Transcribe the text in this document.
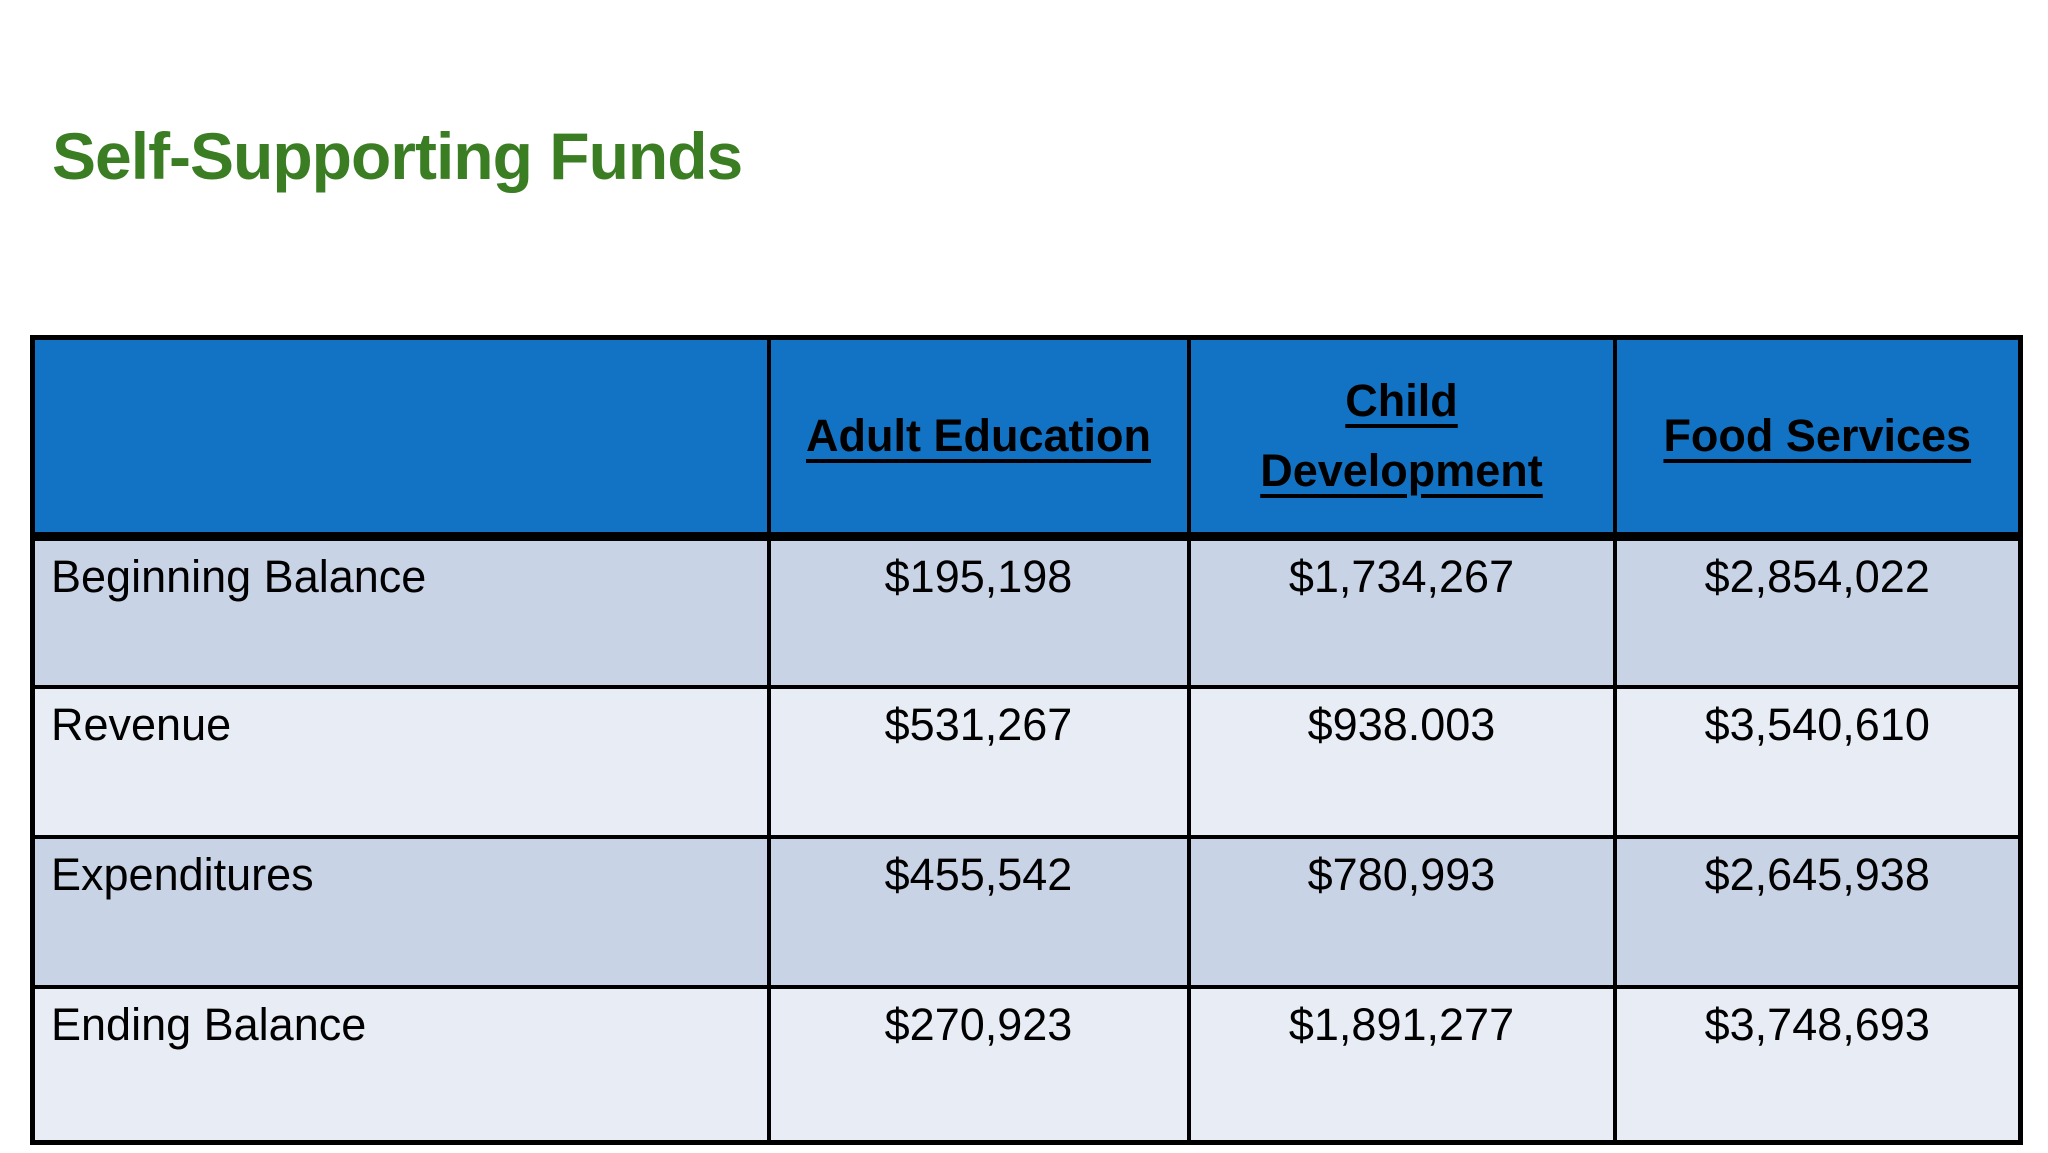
Self-Supporting Funds
	Adult Education	Child Development	Food Services
Beginning Balance	$195,198	$1,734,267	$2,854,022
Revenue	$531,267	$938.003	$3,540,610
Expenditures	$455,542	$780,993	$2,645,938
Ending Balance	$270,923	$1,891,277	$3,748,693
